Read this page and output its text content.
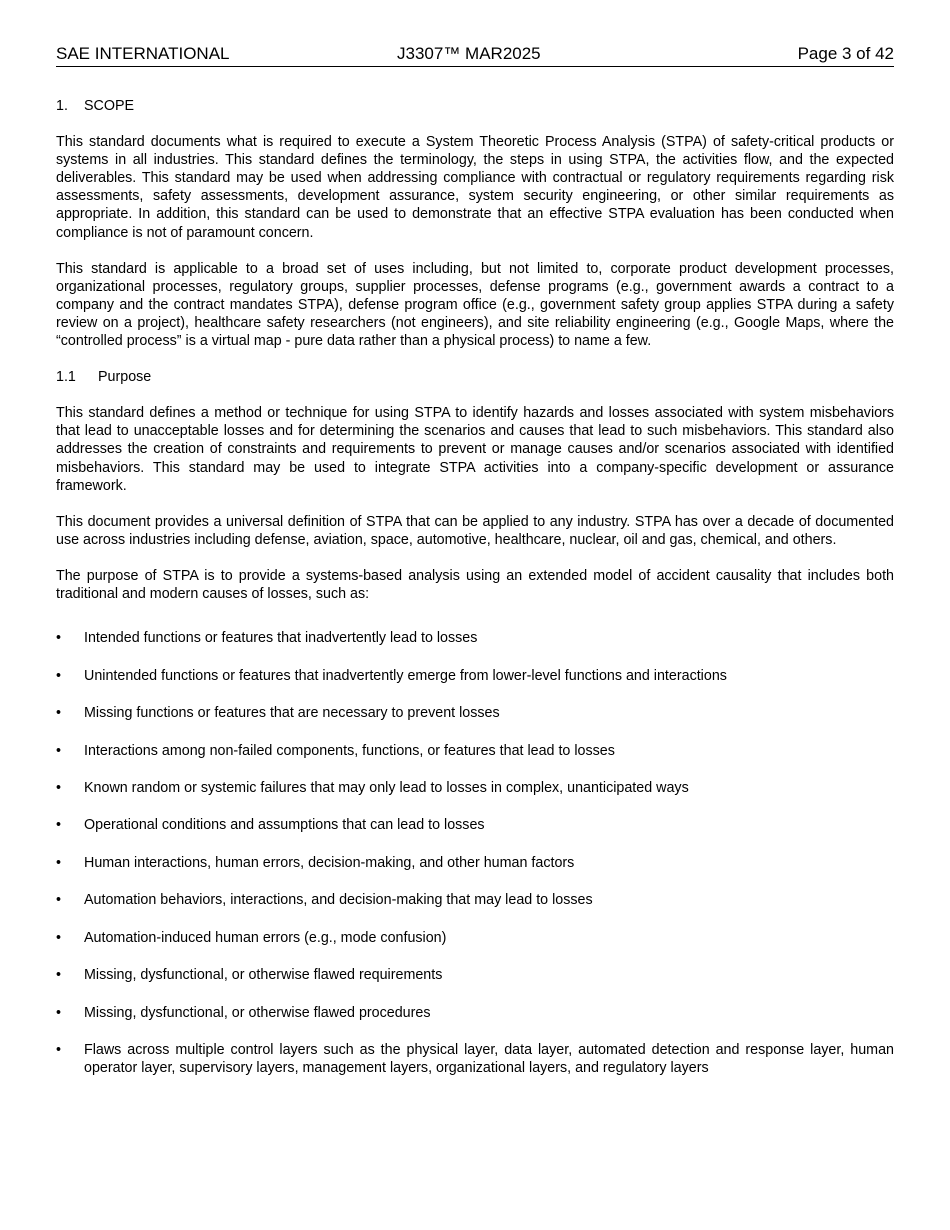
SAE INTERNATIONAL	J3307™ MAR2025	Page 3 of 42
1.	SCOPE

This standard documents what is required to execute a System Theoretic Process Analysis (STPA) of safety-critical products or systems in all industries. This standard defines the terminology, the steps in using STPA, the activities flow, and the expected deliverables. This standard may be used when addressing compliance with contractual or regulatory requirements regarding risk assessments, safety assessments, development assurance, system security engineering, or other similar requirements as appropriate. In addition, this standard can be used to demonstrate that an effective STPA evaluation has been conducted when compliance is not of paramount concern.

This standard is applicable to a broad set of uses including, but not limited to, corporate product development processes, organizational processes, regulatory groups, supplier processes, defense programs (e.g., government awards a contract to a company and the contract mandates STPA), defense program office (e.g., government safety group applies STPA during a safety review on a project), healthcare safety researchers (not engineers), and site reliability engineering (e.g., Google Maps, where the “controlled process” is a virtual map - pure data rather than a physical process) to name a few.

1.1	Purpose

This standard defines a method or technique for using STPA to identify hazards and losses associated with system misbehaviors that lead to unacceptable losses and for determining the scenarios and causes that lead to such misbehaviors. This standard also addresses the creation of constraints and requirements to prevent or manage causes and/or scenarios associated with identified misbehaviors. This standard may be used to integrate STPA activities into a company-specific development or assurance framework.

This document provides a universal definition of STPA that can be applied to any industry. STPA has over a decade of documented use across industries including defense, aviation, space, automotive, healthcare, nuclear, oil and gas, chemical, and others.

The purpose of STPA is to provide a systems-based analysis using an extended model of accident causality that includes both traditional and modern causes of losses, such as:

•	Intended functions or features that inadvertently lead to losses
•	Unintended functions or features that inadvertently emerge from lower-level functions and interactions
•	Missing functions or features that are necessary to prevent losses
•	Interactions among non-failed components, functions, or features that lead to losses
•	Known random or systemic failures that may only lead to losses in complex, unanticipated ways
•	Operational conditions and assumptions that can lead to losses
•	Human interactions, human errors, decision-making, and other human factors
•	Automation behaviors, interactions, and decision-making that may lead to losses
•	Automation-induced human errors (e.g., mode confusion)
•	Missing, dysfunctional, or otherwise flawed requirements
•	Missing, dysfunctional, or otherwise flawed procedures
•	Flaws across multiple control layers such as the physical layer, data layer, automated detection and response layer, human operator layer, supervisory layers, management layers, organizational layers, and regulatory layers
